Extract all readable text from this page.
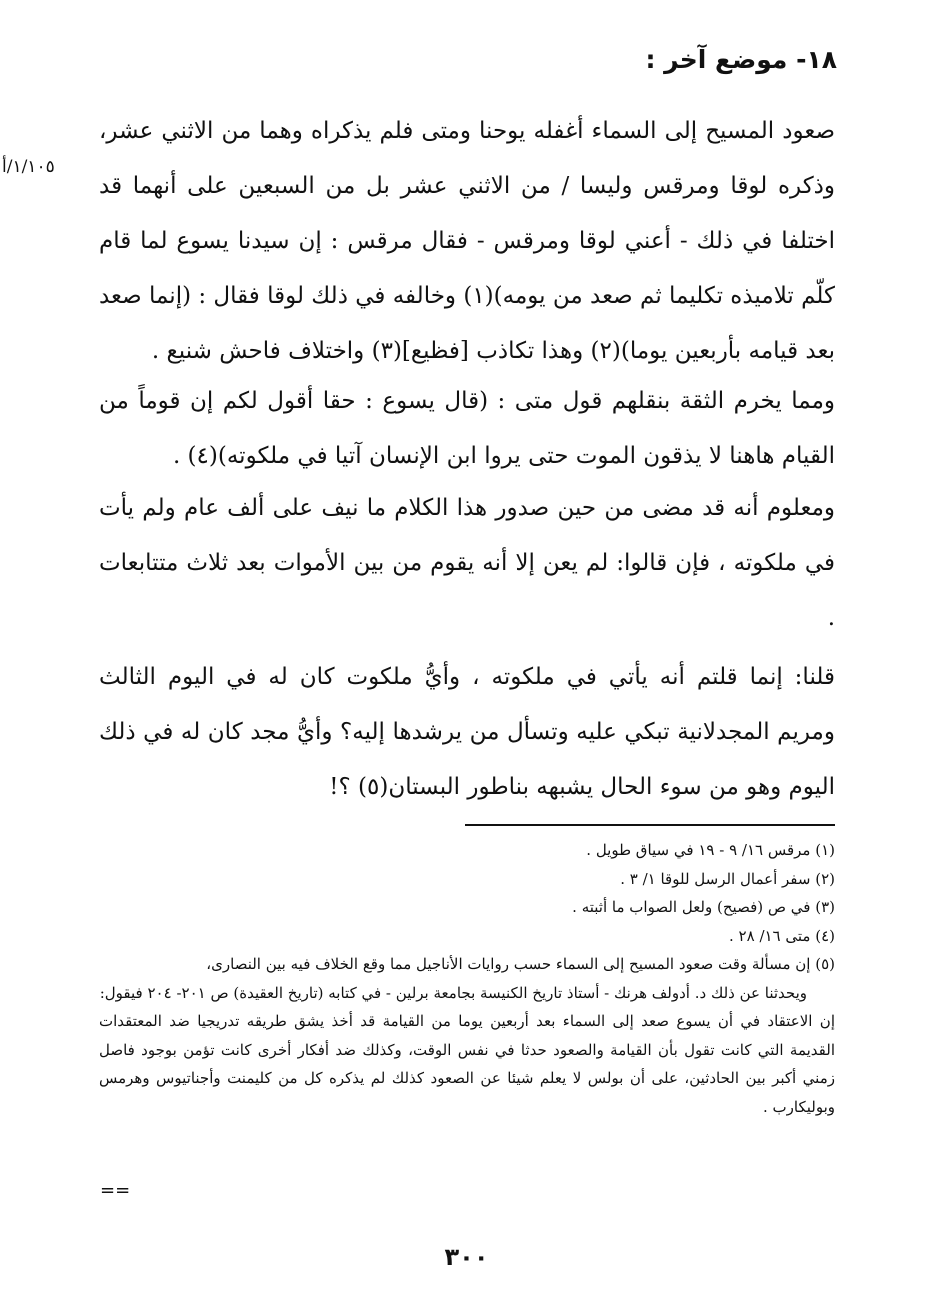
١٨- موضع آخر :
١/١٠٥/أ
صعود المسيح إلى السماء أغفله يوحنا ومتى فلم يذكراه وهما من الاثني عشر، وذكره لوقا ومرقس وليسا / من الاثني عشر بل من السبعين على أنهما قد اختلفا في ذلك - أعني لوقا ومرقس - فقال مرقس : إن سيدنا يسوع لما قام كلّم تلاميذه تكليما ثم صعد من يومه)(١) وخالفه في ذلك لوقا فقال : (إنما صعد بعد قيامه بأربعين يوما)(٢) وهذا تكاذب [فظيع](٣) واختلاف فاحش شنيع .
ومما يخرم الثقة بنقلهم قول متى : (قال يسوع : حقا أقول لكم إن قوماً من القيام هاهنا لا يذقون الموت حتى يروا ابن الإنسان آتيا في ملكوته)(٤) .
ومعلوم أنه قد مضى من حين صدور هذا الكلام ما نيف على ألف عام ولم يأت في ملكوته ، فإن قالوا: لم يعن إلا أنه يقوم من بين الأموات بعد ثلاث متتابعات .
قلنا: إنما قلتم أنه يأتي في ملكوته ، وأيُّ ملكوت كان له في اليوم الثالث ومريم المجدلانية تبكي عليه وتسأل من يرشدها إليه؟ وأيُّ مجد كان له في ذلك اليوم وهو من سوء الحال يشبهه بناطور البستان(٥) ؟!
(١) مرقس ١٦/ ٩ - ١٩ في سياق طويل .
(٢) سفر أعمال الرسل للوقا ١/ ٣ .
(٣) في ص (فصيح) ولعل الصواب ما أثبته .
(٤) متى ١٦/ ٢٨ .
(٥) إن مسألة وقت صعود المسيح إلى السماء حسب روايات الأناجيل مما وقع الخلاف فيه بين النصارى،
ويحدثنا عن ذلك د. أدولف هرنك - أستاذ تاريخ الكنيسة بجامعة برلين - في كتابه (تاريخ العقيدة) ص ٢٠١- ٢٠٤ فيقول:
إن الاعتقاد في أن يسوع صعد إلى السماء بعد أربعين يوما من القيامة قد أخذ يشق طريقه تدريجيا ضد المعتقدات القديمة التي كانت تقول بأن القيامة والصعود حدثا في نفس الوقت، وكذلك ضد أفكار أخرى كانت تؤمن بوجود فاصل زمني أكبر بين الحادثين، على أن بولس لا يعلم شيئا عن الصعود كذلك لم يذكره كل من كليمنت وأجناتيوس وهرمس وبوليكارب .
==
٣٠٠
